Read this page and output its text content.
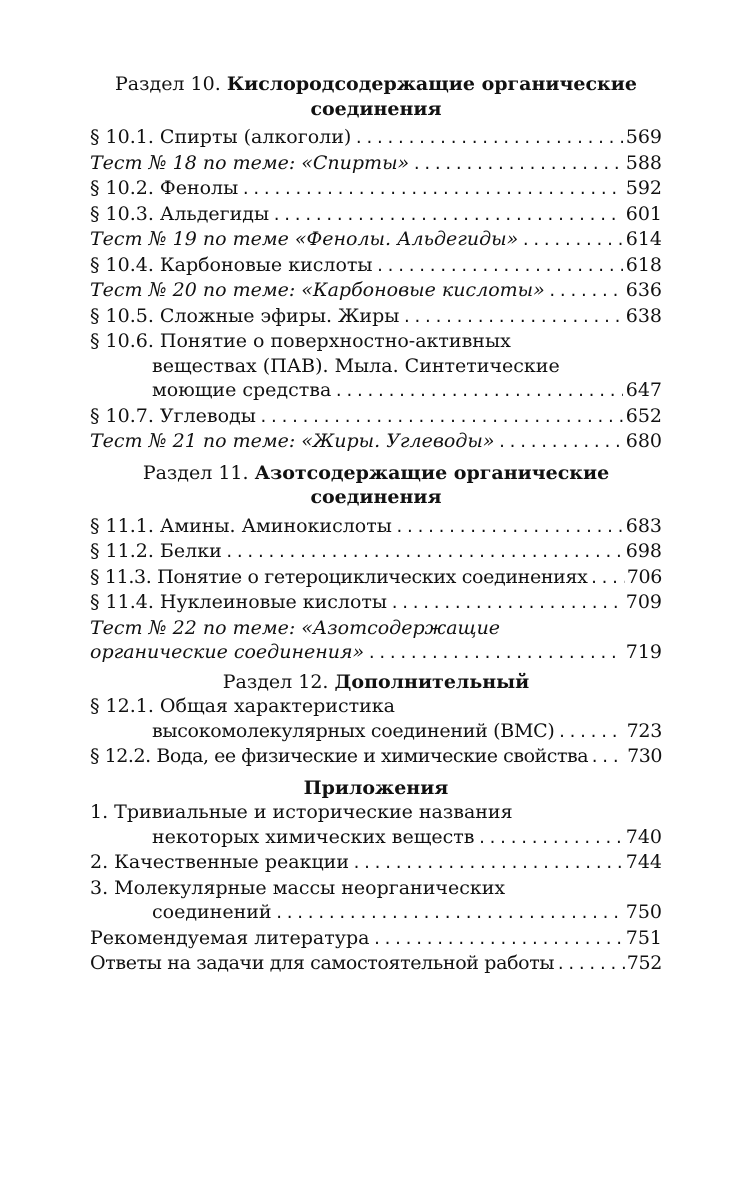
Раздел 10. Кислородсодержащие органические
соединения
§ 10.1. Спирты (алкоголи) .....	569
Тест № 18 по теме: «Спирты» .....	588
§ 10.2. Фенолы .....	592
§ 10.3. Альдегиды .....	601
Тест № 19 по теме «Фенолы. Альдегиды» .....	614
§ 10.4. Карбоновые кислоты .....	618
Тест № 20 по теме: «Карбоновые кислоты» .....	636
§ 10.5. Сложные эфиры. Жиры .....	638
§ 10.6. Понятие о поверхностно-активных
веществах (ПАВ). Мыла. Синтетические
моющие средства .....	647
§ 10.7. Углеводы .....	652
Тест № 21 по теме: «Жиры. Углеводы» .....	680
Раздел 11. Азотсодержащие органические
соединения
§ 11.1. Амины. Аминокислоты .....	683
§ 11.2. Белки .....	698
§ 11.3. Понятие о гетероциклических соединениях ..... 706
§ 11.4. Нуклеиновые кислоты .....	709
Тест № 22 по теме: «Азотсодержащие
органические соединения» .....	719
Раздел 12. Дополнительный
§ 12.1. Общая характеристика
высокомолекулярных соединений (ВМС) .....	723
§ 12.2. Вода, ее физические и химические свойства ..... 730
Приложения
1. Тривиальные и исторические названия
некоторых химических веществ .....	740
2. Качественные реакции .....	744
3. Молекулярные массы неорганических
соединений .....	750
Рекомендуемая литература .....	751
Ответы на задачи для самостоятельной работы .....	752
